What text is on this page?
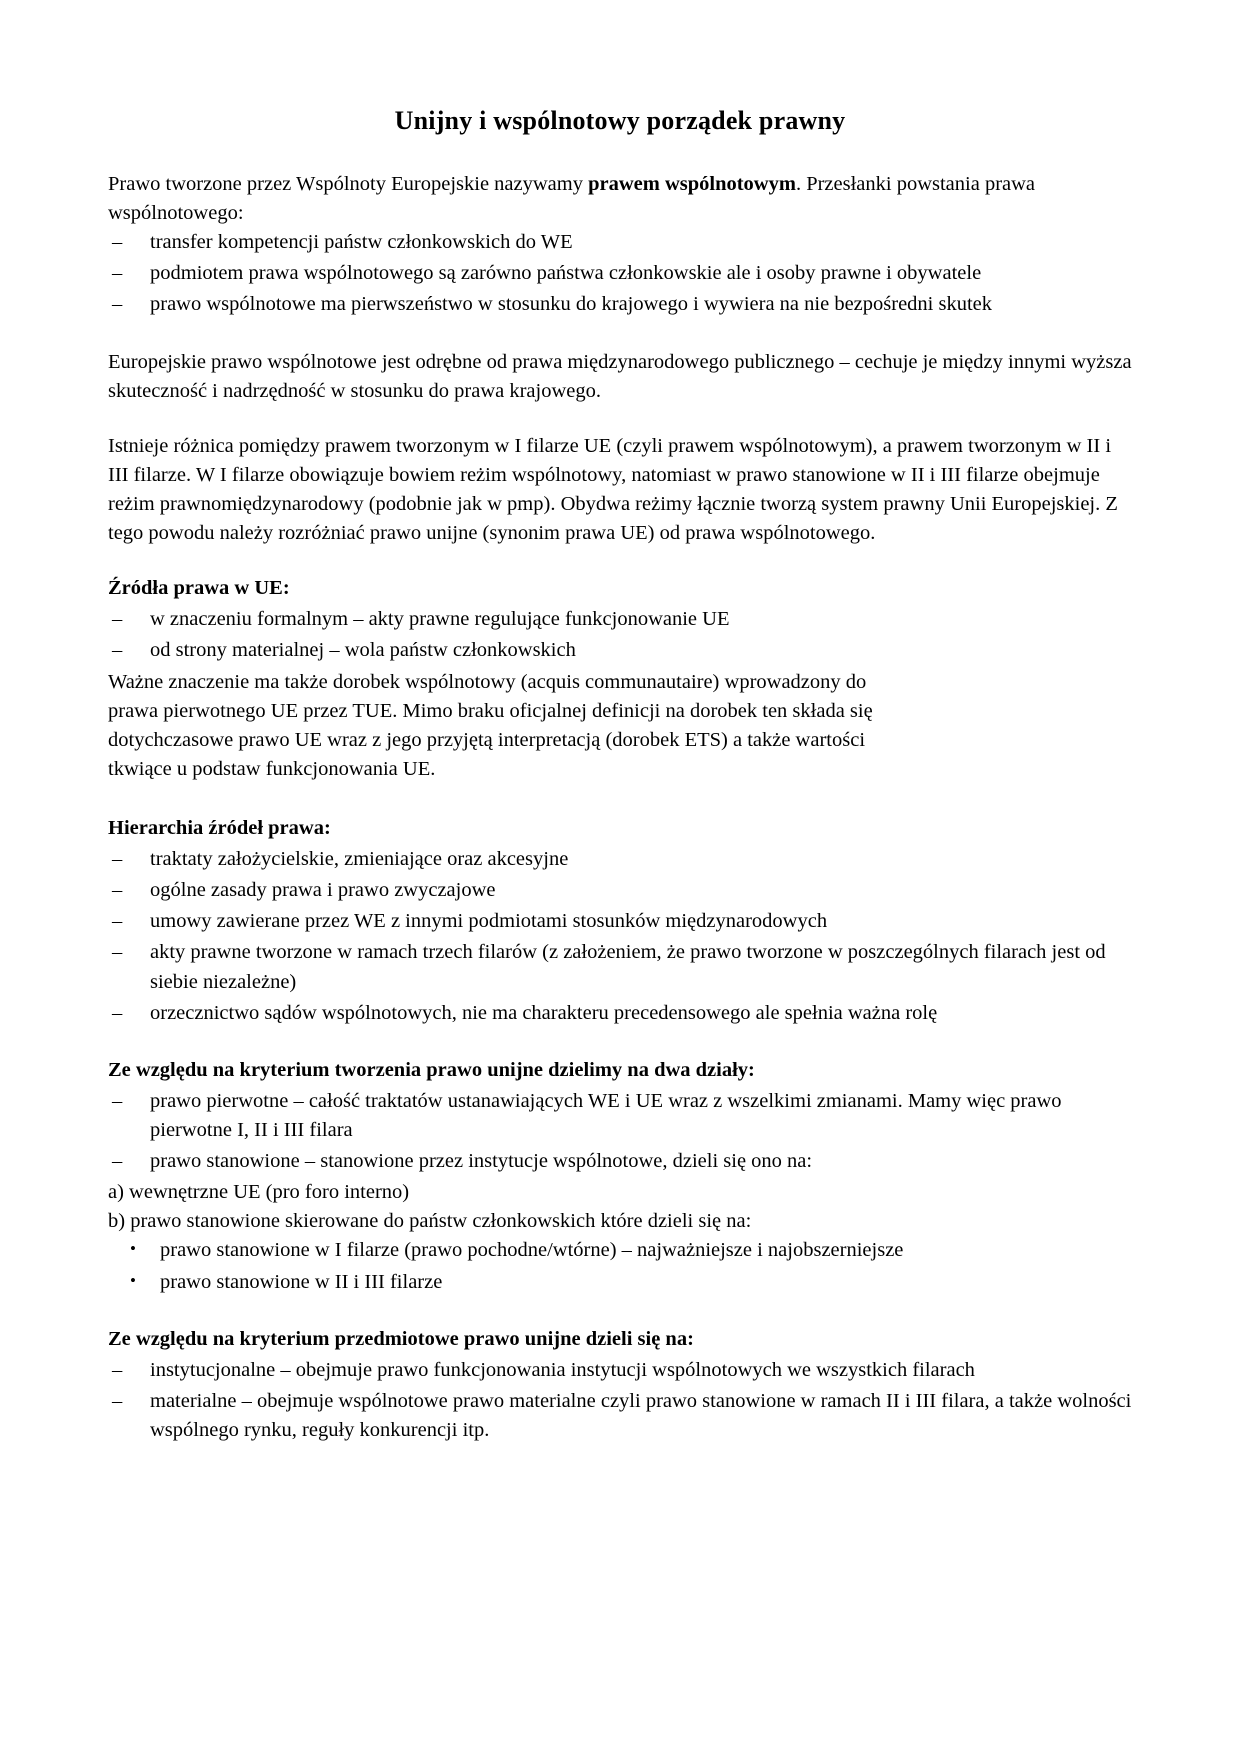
Unijny i wspólnotowy porządek prawny

Prawo tworzone przez Wspólnoty Europejskie nazywamy prawem wspólnotowym. Przesłanki powstania prawa wspólnotowego:

–	transfer kompetencji państw członkowskich do WE
–	podmiotem prawa wspólnotowego są zarówno państwa członkowskie ale i osoby prawne i obywatele
–	prawo wspólnotowe ma pierwszeństwo w stosunku do krajowego i wywiera na nie bezpośredni skutek

Europejskie prawo wspólnotowe jest odrębne od prawa międzynarodowego publicznego – cechuje je między innymi wyższa skuteczność i nadrzędność w stosunku do prawa krajowego.

Istnieje różnica pomiędzy prawem tworzonym w I filarze UE (czyli prawem wspólnotowym), a prawem tworzonym w II i III filarze. W I filarze obowiązuje bowiem reżim wspólnotowy, natomiast w prawo stanowione w II i III filarze obejmuje reżim prawnomiędzynarodowy (podobnie jak w pmp). Obydwa reżimy łącznie tworzą system prawny Unii Europejskiej. Z tego powodu należy rozróżniać prawo unijne (synonim prawa UE) od prawa wspólnotowego.

Źródła prawa w UE:
–	w znaczeniu formalnym – akty prawne regulujące funkcjonowanie UE
–	od strony materialnej – wola państw członkowskich
Ważne znaczenie ma także dorobek wspólnotowy (acquis communautaire) wprowadzony do
prawa pierwotnego UE przez TUE. Mimo braku oficjalnej definicji na dorobek ten składa się
dotychczasowe prawo UE wraz z jego przyjętą interpretacją (dorobek ETS) a także wartości
tkwiące u podstaw funkcjonowania UE.
Hierarchia źródeł prawa:
–	traktaty założycielskie, zmieniające oraz akcesyjne
–	ogólne zasady prawa i prawo zwyczajowe
–	umowy zawierane przez WE z innymi podmiotami stosunków międzynarodowych
–	akty prawne tworzone w ramach trzech filarów (z założeniem, że prawo tworzone w poszczególnych filarach jest od siebie niezależne)
–	orzecznictwo sądów wspólnotowych, nie ma charakteru precedensowego ale spełnia ważna rolę
Ze względu na kryterium tworzenia prawo unijne dzielimy na dwa działy:
–	prawo pierwotne – całość traktatów ustanawiających WE i UE wraz z wszelkimi zmianami. Mamy więc prawo pierwotne I, II i III filara
–	prawo stanowione – stanowione przez instytucje wspólnotowe, dzieli się ono na:
a) wewnętrzne UE (pro foro interno)
b) prawo stanowione skierowane do państw członkowskich które dzieli się na:
•	prawo stanowione w I filarze (prawo pochodne/wtórne) – najważniejsze i najobszerniejsze
•	prawo stanowione w II i III filarze
Ze względu na kryterium przedmiotowe prawo unijne dzieli się na:
–	instytucjonalne – obejmuje prawo funkcjonowania instytucji wspólnotowych we wszystkich filarach
–	materialne – obejmuje wspólnotowe prawo materialne czyli prawo stanowione w ramach II i III filara, a także wolności wspólnego rynku, reguły konkurencji itp.
